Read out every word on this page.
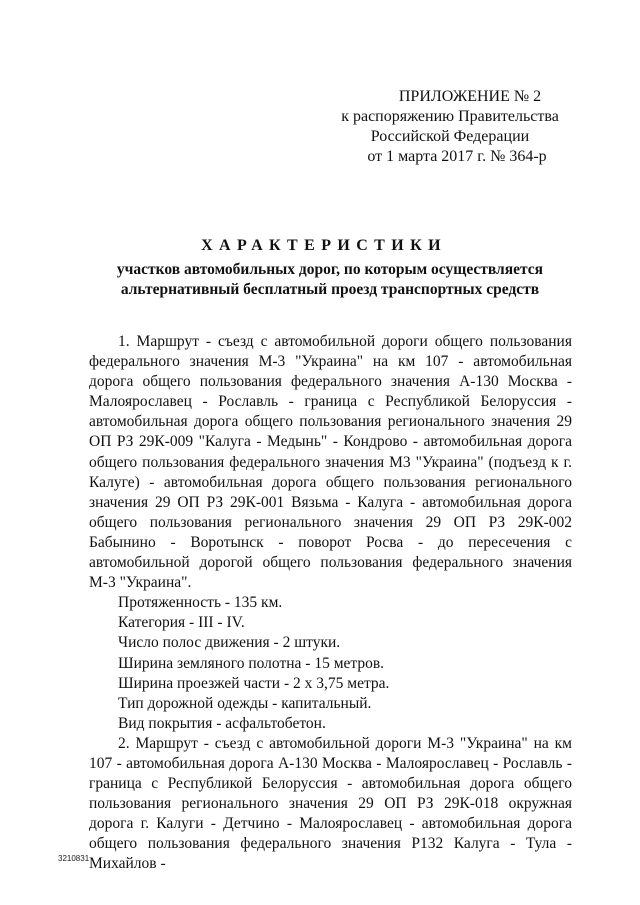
ПРИЛОЖЕНИЕ № 2
к распоряжению Правительства
Российской Федерации
от 1 марта 2017 г. № 364-р
ХАРАКТЕРИСТИКИ
участков автомобильных дорог, по которым осуществляется
альтернативный бесплатный проезд транспортных средств

1. Маршрут - съезд с автомобильной дороги общего пользования федерального значения М-3 "Украина" на км 107 - автомобильная дорога общего пользования федерального значения А-130 Москва - Малоярославец - Рославль - граница с Республикой Белоруссия - автомобильная дорога общего пользования регионального значения 29 ОП РЗ 29К-009 "Калуга - Медынь" - Кондрово - автомобильная дорога общего пользования федерального значения М3 "Украина" (подъезд к г. Калуге) - автомобильная дорога общего пользования регионального значения 29 ОП РЗ 29К-001 Вязьма - Калуга - автомобильная дорога общего пользования регионального значения 29 ОП РЗ 29К-002 Бабынино - Воротынск - поворот Росва - до пересечения с автомобильной дорогой общего пользования федерального значения М-3 "Украина".

Протяженность - 135 км.

Категория - III - IV.

Число полос движения - 2 штуки.

Ширина земляного полотна - 15 метров.

Ширина проезжей части - 2 х 3,75 метра.

Тип дорожной одежды - капитальный.

Вид покрытия - асфальтобетон.

2. Маршрут - съезд с автомобильной дороги М-3 "Украина" на км 107 - автомобильная дорога А-130 Москва - Малоярославец - Рославль - граница с Республикой Белоруссия - автомобильная дорога общего пользования регионального значения 29 ОП РЗ 29К-018 окружная дорога г. Калуги - Детчино - Малоярославец - автомобильная дорога общего пользования федерального значения Р132 Калуга - Тула - Михайлов -

3210831
